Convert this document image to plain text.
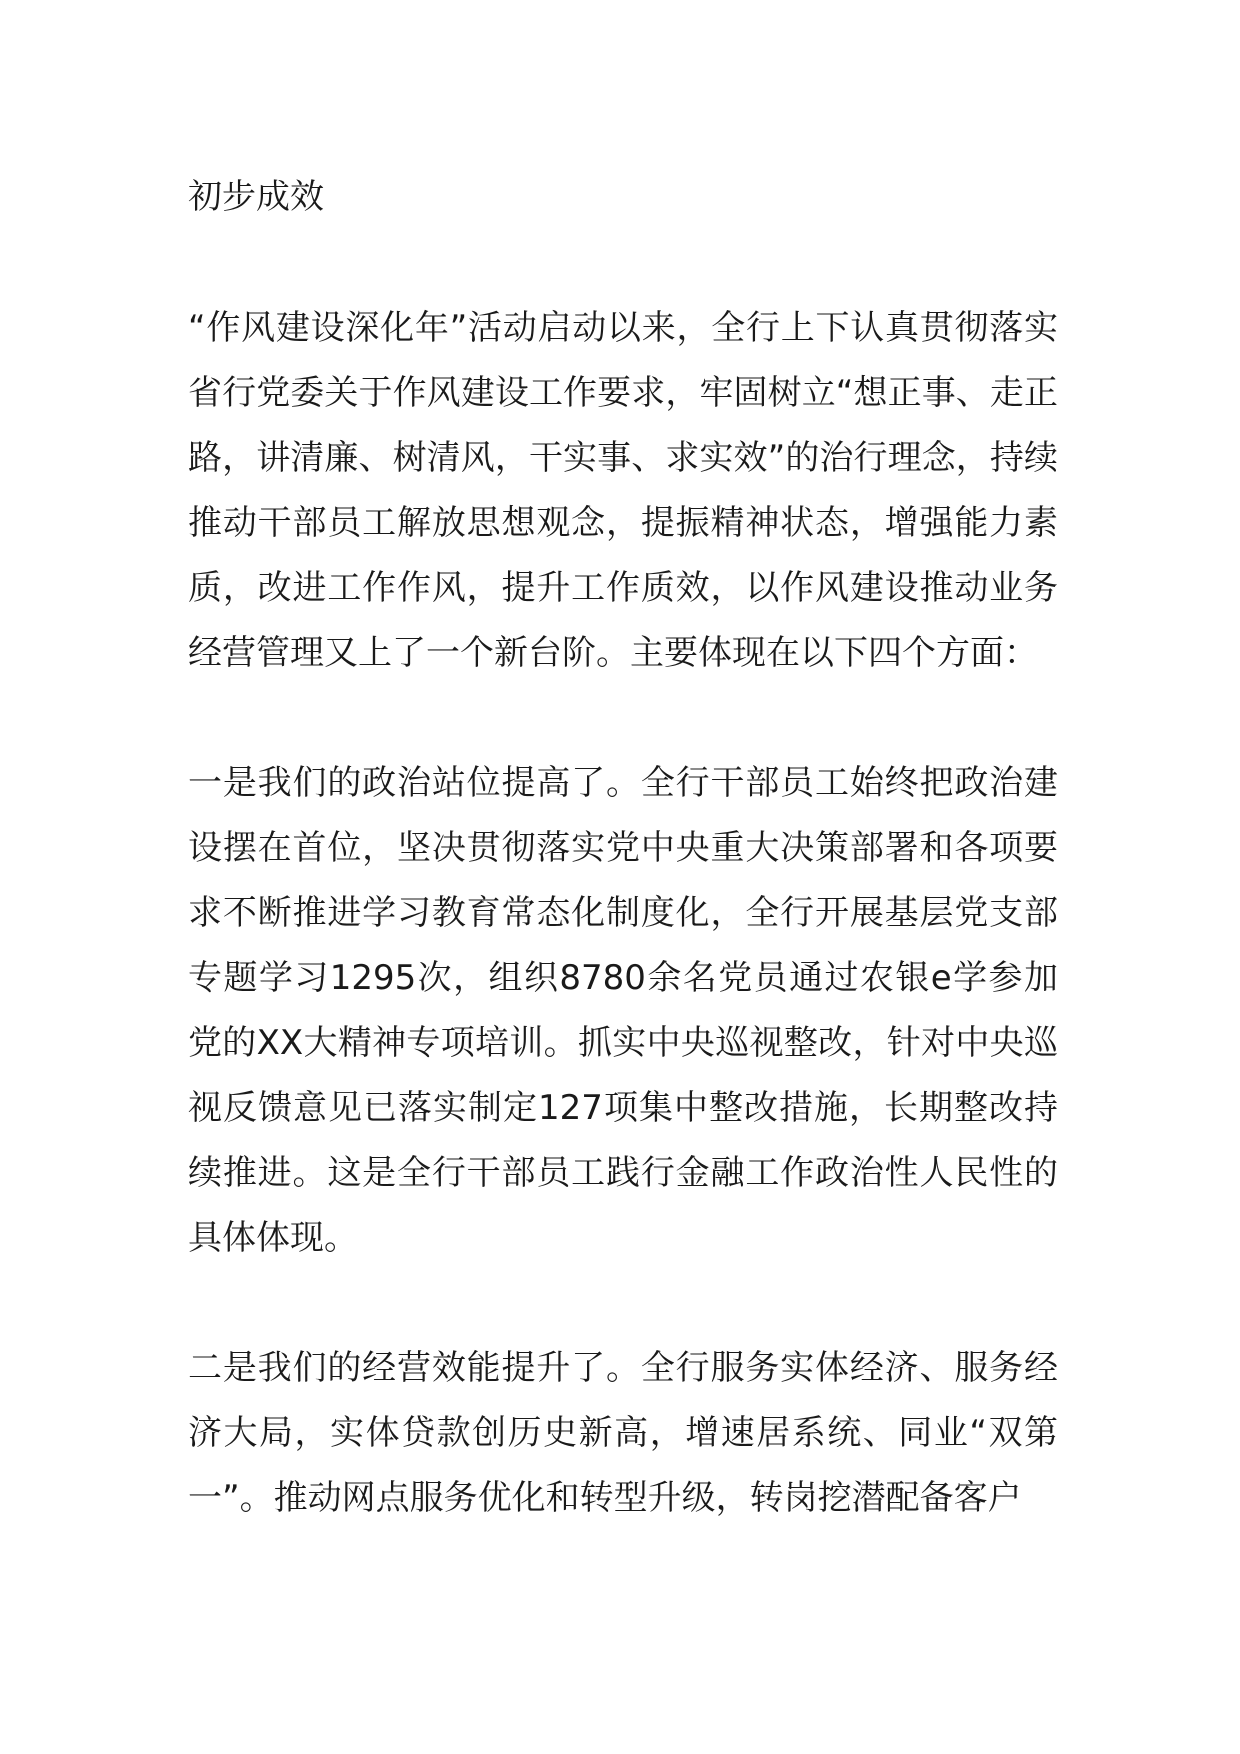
初步成效

“作风建设深化年”活动启动以来，全行上下认真贯彻落实省行党委关于作风建设工作要求，牢固树立“想正事、走正路，讲清廉、树清风，干实事、求实效”的治行理念，持续推动干部员工解放思想观念，提振精神状态，增强能力素质，改进工作作风，提升工作质效，以作风建设推动业务经营管理又上了一个新台阶。主要体现在以下四个方面：

一是我们的政治站位提高了。全行干部员工始终把政治建设摆在首位，坚决贯彻落实党中央重大决策部署和各项要求不断推进学习教育常态化制度化，全行开展基层党支部专题学习1295次，组织8780余名党员通过农银e学参加党的XX大精神专项培训。抓实中央巡视整改，针对中央巡视反馈意见已落实制定127项集中整改措施，长期整改持续推进。这是全行干部员工践行金融工作政治性人民性的具体体现。

二是我们的经营效能提升了。全行服务实体经济、服务经济大局，实体贷款创历史新高，增速居系统、同业“双第一”。推动网点服务优化和转型升级，转岗挖潜配备客户
